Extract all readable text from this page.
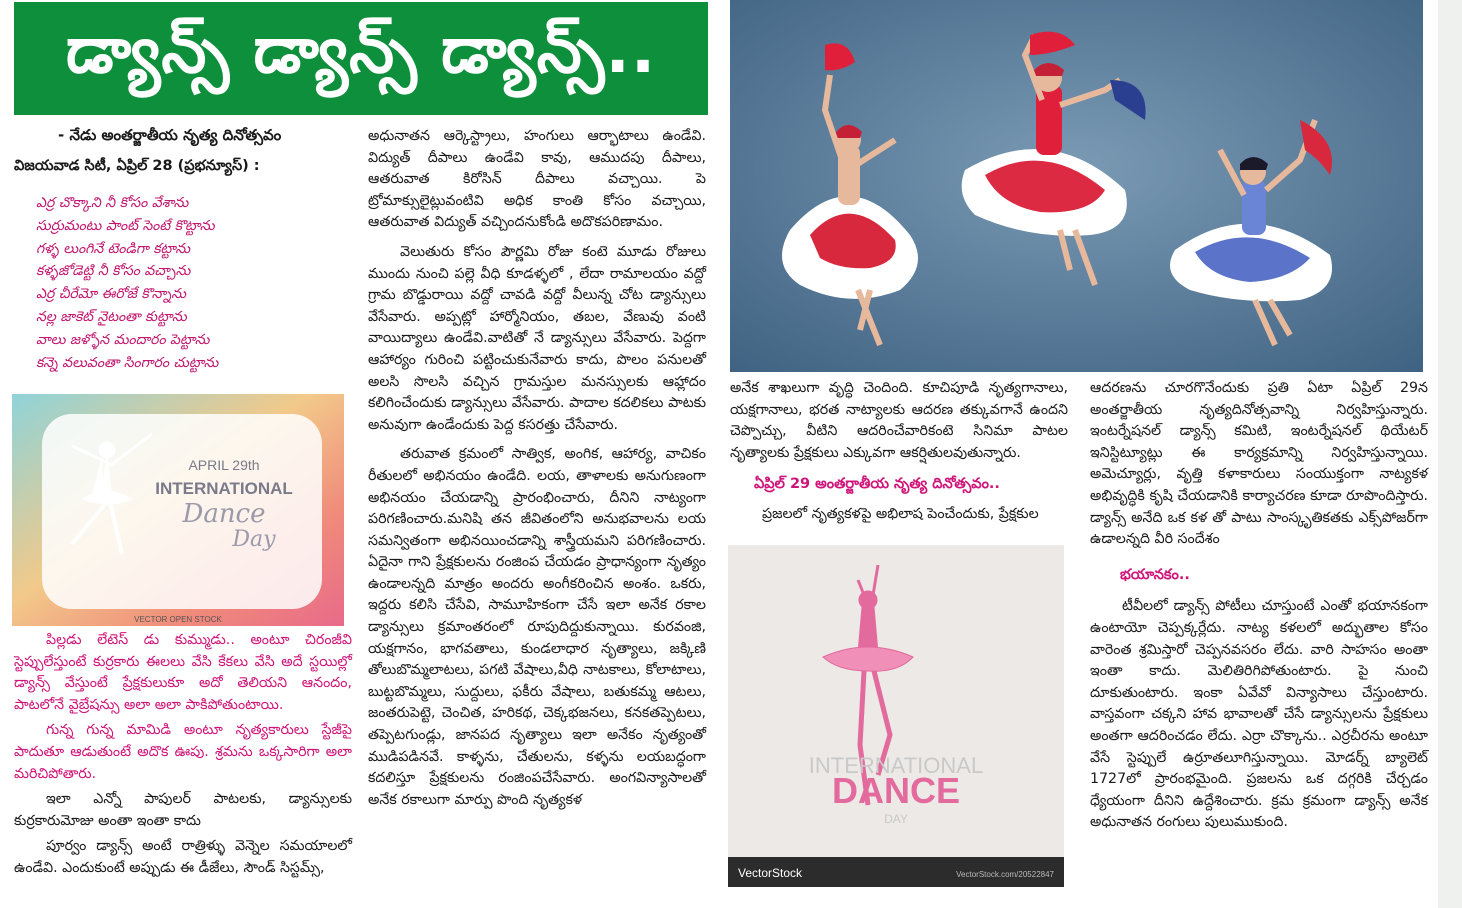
డ్యాన్స్ డ్యాన్స్ డ్యాన్స్..
- నేడు అంతర్జాతీయ నృత్య దినోత్సవం
విజయవాడ సిటీ, ఏప్రిల్ 28 (ప్రభన్యూస్) :
ఎర్ర చొక్కాని నీ కోసం వేశాను
సుర్రుమంటు పాంట్ సెంటే కొట్టాను
గళ్ళ లుంగినే టెండిగా కట్టాను
కళ్ళజోడెట్టి నీ కోసం వచ్చాను
ఎర్ర చీరేమో ఈరోజే కొన్నాను
నల్ల జాకెట్ నైటంతా కుట్టాను
వాలు జళ్ళోన మందారం పెట్టాను
కన్నె వలువంతా సింగారం చుట్టాను
APRIL 29th
INTERNATIONAL
Dance
Day
VECTOR OPEN STOCK

పిల్లడు లేటెస్ డు కుమ్ముడు.. అంటూ చిరంజీవి స్టెప్పులేస్తుంటే కుర్రకారు ఈలలు వేసి కేకలు వేసి అదే స్టయిల్లో డ్యాన్స్ వేస్తుంటే ప్రేక్షకులుకూ అదో తెలియని ఆనందం, పాటలోనే వైబ్రేషన్సు అలా అలా పాకిపోతుంటాయి.

గున్న గున్న మామిడి అంటూ నృత్యకారులు స్టేజీపై పాదుతూ ఆడుతుంటే అదొక ఊపు. శ్రమను ఒక్కసారిగా అలా మరిచిపోతారు.

ఇలా ఎన్నో పాపులర్ పాటలకు, డ్యాన్సులకు కుర్రకారుమోజు అంతా ఇంతా కాదు

పూర్వం డ్యాన్స్ అంటే రాత్రిళ్ళు వెన్నెల సమయాలలో ఉండేవి. ఎందుకుంటే అప్పుడు ఈ డీజేలు, సౌండ్ సిస్టమ్స్,

అధునాతన ఆర్కెస్ట్రాలు, హంగులు ఆర్భాటాలు ఉండేవి. విద్యుత్ దీపాలు ఉండేవి కావు, ఆముదపు దీపాలు, ఆతరువాత కిరోసిన్ దీపాలు వచ్చాయి. పె ట్రోమాక్సులైట్లువంటివి అధిక కాంతి కోసం వచ్చాయి, ఆతరువాత విద్యుత్ వచ్చిందనుకోండి అదొకపరిణామం.

వెలుతురు కోసం పౌర్ణమి రోజు కంటె మూడు రోజులు ముందు నుంచి పల్లె వీధి కూడళ్ళలో , లేదా రామాలయం వద్దో గ్రామ బొడ్డురాయి వద్దో చావడి వద్దో వీలున్న చోట డ్యాన్సులు వేసేవారు. అప్పట్లో హార్మోనియం, తబల, వేణువు వంటి వాయిద్యాలు ఉండేవి.వాటితో నే డ్యాన్సులు వేసేవారు. పెద్దగా ఆహార్యం గురించి పట్టించుకునేవారు కాదు, పొలం పనులతో అలసి సొలసి వచ్చిన గ్రామస్తుల మనస్సులకు ఆహ్లాదం కలిగించేందుకు డ్యాన్సులు వేసేవారు. పాదాల కదలికలు పాటకు అనువుగా ఉండేందుకు పెద్ద కసరత్తు చేసేవారు.

తరువాత క్రమంలో సాత్విక, అంగిక, ఆహార్య, వాచికం రీతులలో అభినయం ఉండేది. లయ, తాళాలకు అనుగుణంగా అభినయం చేయడాన్ని ప్రారంభించారు, దీనిని నాట్యంగా పరిగణించారు.మనిషి తన జీవితంలోని అనుభవాలను లయ సమన్వితంగా అభినయించడాన్ని శాస్త్రీయమని పరిగణించారు. ఏదైనా గాని ప్రేక్షకులను రంజింప చేయడం ప్రాధాన్యంగా నృత్యం ఉండాలన్నది మాత్రం అందరు అంగీకరించిన అంశం. ఒకరు, ఇద్దరు కలిసి చేసేవి, సామూహికంగా చేసే ఇలా అనేక రకాల డ్యాన్సులు క్రమాంతరంలో రూపుదిద్దుకున్నాయి. కురవంజి, యక్షగానం, భాగవతాలు, కుండలాధార నృత్యాలు, జక్కిణి తోలుబొమ్మలాటలు, పగటి వేషాలు,వీధి నాటకాలు, కోలాటాలు, బుట్టబొమ్మలు, సుద్దులు, ఫకీరు వేషాలు, బతుకమ్మ ఆటలు, జంతరుపెట్టె, చెంచిత, హరికథ, చెక్కభజనలు, కనకతప్పెటలు, తప్పెటగుండ్లు, జానపద నృత్యాలు ఇలా అనేకం నృత్యంతో ముడిపడినవే. కాళ్ళను, చేతులను, కళ్ళను లయబద్ధంగా కదలిస్తూ ప్రేక్షకులను రంజింపచేసేవారు. అంగవిన్యాసాలతో అనేక రకాలుగా మార్పు పొంది నృత్యకళ

అనేక శాఖలుగా వృద్ధి చెందింది. కూచిపూడి నృత్యగానాలు, యక్షగానాలు, భరత నాట్యాలకు ఆదరణ తక్కువగానే ఉందని చెప్పొచ్చు, వీటిని ఆదరించేవారికంటె సినిమా పాటల నృత్యాలకు ప్రేక్షకులు ఎక్కువగా ఆకర్షితులవుతున్నారు.

ఏప్రిల్ 29 అంతర్జాతీయ నృత్య దినోత్సవం..

ప్రజలలో నృత్యకళపై అభిలాష పెంచేందుకు, ప్రేక్షకుల

INTERNATIONAL
DANCE
DAY
VectorStock	VectorStock.com/20522847

ఆదరణను చూరగొనేందుకు ప్రతి ఏటా ఏప్రిల్ 29న అంతర్జాతీయ నృత్యదినోత్సవాన్ని నిర్వహిస్తున్నారు. ఇంటర్నేషనల్ డ్యాన్స్ కమిటి, ఇంటర్నేషనల్ థియేటర్ ఇనిస్టిట్యూట్లు ఈ కార్యక్రమాన్ని నిర్వహిస్తున్నాయి. అమెచ్యూర్లు, వృత్తి కళాకారులు సంయుక్తంగా నాట్యకళ అభివృద్ధికి కృషి చేయడానికి కార్యాచరణ కూడా రూపొందిస్తారు. డ్యాన్స్ అనేది ఒక కళ తో పాటు సాంస్కృతికతకు ఎక్స్‌పోజర్‌గా ఉడాలన్నది వీరి సందేశం

భయానకం..

టీవీలలో డ్యాన్స్ పోటీలు చూస్తుంటే ఎంతో భయానకంగా ఉంటాయో చెప్పక్కర్లేదు. నాట్య కళలలో అద్భుతాల కోసం వారెంత శ్రమిస్తారో చెప్పనవసరం లేదు. వారి సాహసం అంతా ఇంతా కాదు. మెలితిరిగిపోతుంటారు. పై నుంచి దూకుతుంటారు. ఇంకా ఏవేవో విన్యాసాలు చేస్తుంటారు. వాస్తవంగా చక్కని హావ భావాలతో చేసే డ్యాన్సులను ప్రేక్షకులు అంతగా ఆదరించడం లేదు. ఎర్రా చొక్కాను.. ఎర్రచీరను అంటూ వేసే స్టెప్పులే ఉర్రూతలూగిస్తున్నాయి. మోడర్న్ బ్యాలెట్ 1727లో ప్రారంభమైంది. ప్రజలను ఒక దగ్గరికి చేర్చడం ధ్యేయంగా దీనిని ఉద్దేశించారు. క్రమ క్రమంగా డ్యాన్స్ అనేక అధునాతన రంగులు పులుముకుంది.
